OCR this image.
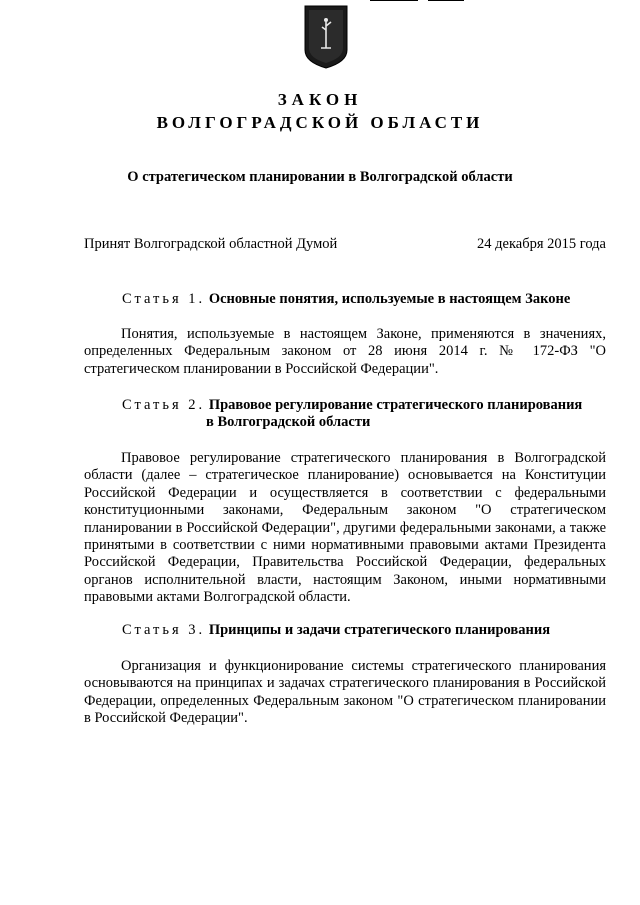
ЗАКОН
ВОЛГОГРАДСКОЙ ОБЛАСТИ
О стратегическом планировании в Волгоградской области
Принят Волгоградской областной Думой	24 декабря 2015 года
Статья 1. Основные понятия, используемые в настоящем Законе

Понятия, используемые в настоящем Законе, применяются в значениях, определенных Федеральным законом от 28 июня 2014 г. № 172-ФЗ "О стратегическом планировании в Российской Федерации".

Статья 2. Правовое регулирование стратегического планирования
в Волгоградской области

Правовое регулирование стратегического планирования в Волгоградской области (далее – стратегическое планирование) основывается на Конституции Российской Федерации и осуществляется в соответствии с федеральными конституционными законами, Федеральным законом "О стратегическом планировании в Российской Федерации", другими федеральными законами, а также принятыми в соответствии с ними нормативными правовыми актами Президента Российской Федерации, Правительства Российской Федерации, федеральных органов исполнительной власти, настоящим Законом, иными нормативными правовыми актами Волгоградской области.

Статья 3. Принципы и задачи стратегического планирования

Организация и функционирование системы стратегического планирования основываются на принципах и задачах стратегического планирования в Российской Федерации, определенных Федеральным законом "О стратегическом планировании в Российской Федерации".
